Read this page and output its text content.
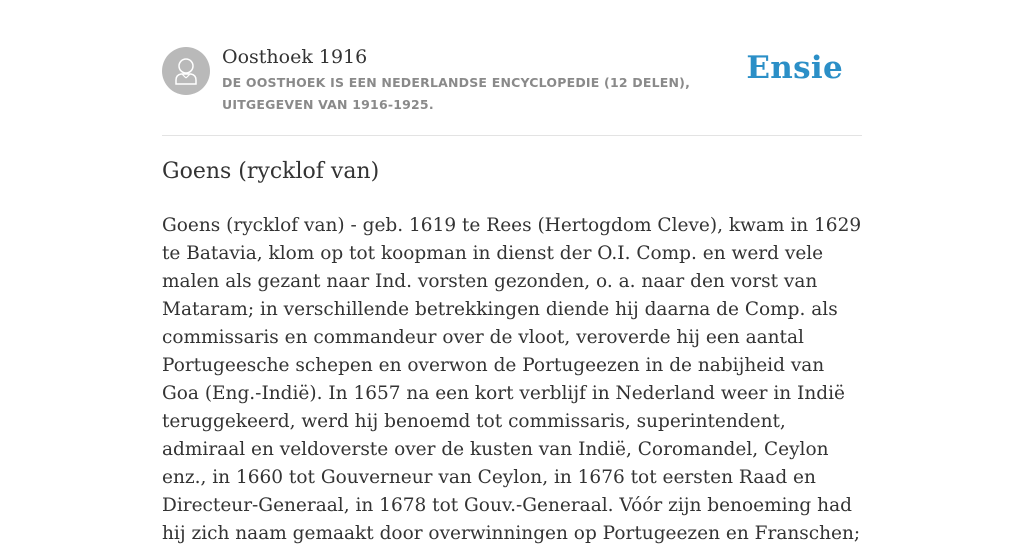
Oosthoek 1916
DE OOSTHOEK IS EEN NEDERLANDSE ENCYCLOPEDIE (12 DELEN), UITGEGEVEN VAN 1916-1925.
Ensie
Goens (rycklof van)

Goens (rycklof van) - geb. 1619 te Rees (Hertogdom Cleve), kwam in 1629 te Batavia, klom op tot koopman in dienst der O.I. Comp. en werd vele malen als gezant naar Ind. vorsten gezonden, o. a. naar den vorst van Mataram; in verschillende betrekkingen diende hij daarna de Comp. als commissaris en commandeur over de vloot, veroverde hij een aantal Portugeesche schepen en overwon de Portugeezen in de nabijheid van Goa (Eng.-Indië). In 1657 na een kort verblijf in Nederland weer in Indië teruggekeerd, werd hij benoemd tot commissaris, superintendent, admiraal en veldoverste over de kusten van Indië, Coromandel, Ceylon enz., in 1660 tot Gouverneur van Ceylon, in 1676 tot eersten Raad en Directeur-Generaal, in 1678 tot Gouv.-Generaal. Vóór zijn benoeming had hij zich naam gemaakt door overwinningen op Portugeezen en Franschen;
